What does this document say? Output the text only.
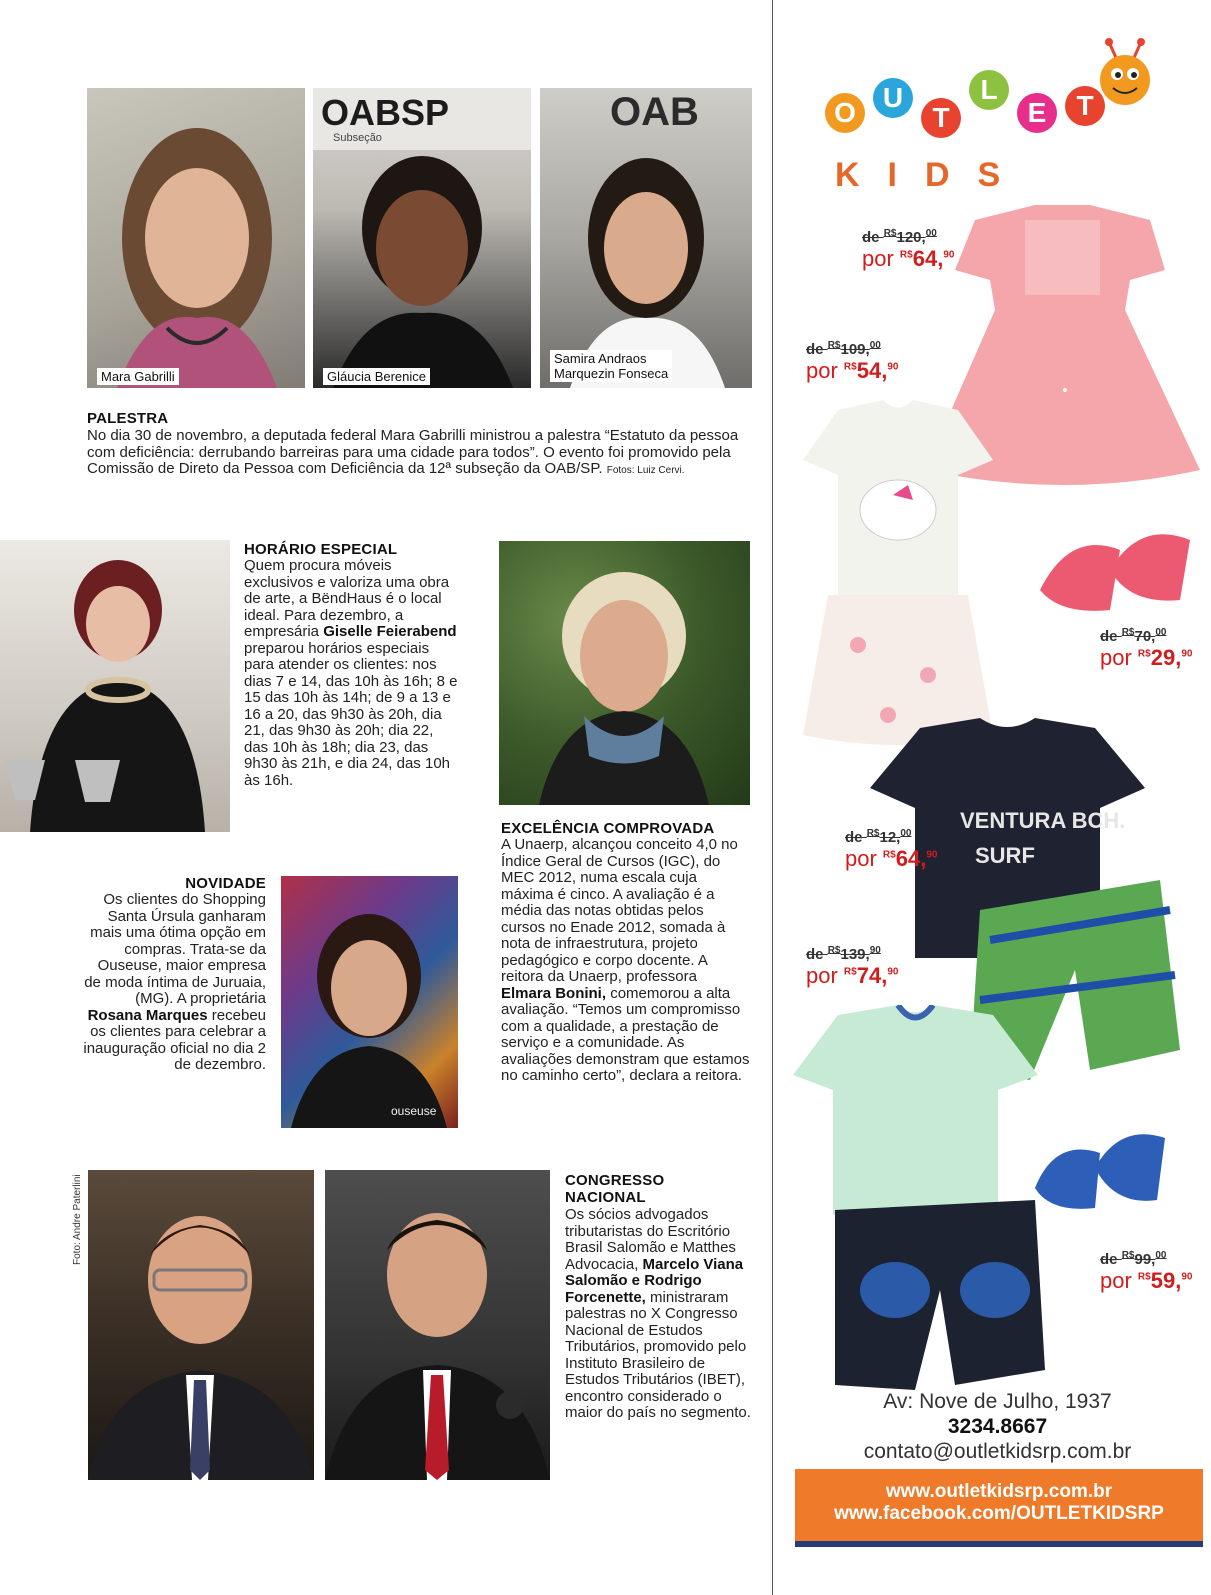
Mara Gabrilli
OABSP
Subseção
Gláucia Berenice
OAB
Samira Andraos
Marquezin Fonseca
PALESTRA
No dia 30 de novembro, a deputada federal Mara Gabrilli ministrou a palestra “Estatuto da pessoa com deficiência: derrubando barreiras para uma cidade para todos”. O evento foi promovido pela Comissão de Direto da Pessoa com Deficiência da 12ª subseção da OAB/SP. Fotos: Luiz Cervi.
HORÁRIO ESPECIAL
Quem procura móveis exclusivos e valoriza uma obra de arte, a BëndHaus é o local ideal. Para dezembro, a empresária Giselle Feierabend preparou horários especiais para atender os clientes: nos dias 7 e 14, das 10h às 16h; 8 e 15 das 10h às 14h; de 9 a 13 e 16 a 20, das 9h30 às 20h, dia 21, das 9h30 às 20h; dia 22, das 10h às 18h; dia 23, das 9h30 às 21h, e dia 24, das 10h às 16h.
EXCELÊNCIA COMPROVADA
A Unaerp, alcançou conceito 4,0 no Índice Geral de Cursos (IGC), do MEC 2012, numa escala cuja máxima é cinco. A avaliação é a média das notas obtidas pelos cursos no Enade 2012, somada à nota de infraestrutura, projeto pedagógico e corpo docente. A reitora da Unaerp, professora Elmara Bonini, comemorou a alta avaliação. “Temos um compromisso com a qualidade, a prestação de serviço e a comunidade. As avaliações demonstram que estamos no caminho certo”, declara a reitora.
NOVIDADE
Os clientes do Shopping Santa Úrsula ganharam mais uma ótima opção em compras. Trata-se da Ouseuse, maior empresa de moda íntima de Juruaia, (MG). A proprietária Rosana Marques recebeu os clientes para celebrar a inauguração oficial no dia 2 de dezembro.
ouseuse
Foto: Andre Paterlini	CONGRESSO
NACIONAL
Os sócios advogados tributaristas do Escritório Brasil Salomão e Matthes Advocacia, Marcelo Viana Salomão e Rodrigo Forcenette, ministraram palestras no X Congresso Nacional de Estudos Tributários, promovido pelo Instituto Brasileiro de Estudos Tributários (IBET), encontro considerado o maior do país no segmento.
O U
T
L
E	T
KIDS
VENTURA BCH.
SURF
de $^{R\$}$120,00
por $^{R\$}$64,90
de $^{R\$}$109,00
por $^{R\$}$54,90
de $^{R\$}$70,00
por $^{R\$}$29,90
de $^{R\$}$12,00
por $^{R\$}$64,90
de $^{R\$}$139,90
por $^{R\$}$74,90
de $^{R\$}$99,00
por $^{R\$}$59,90
Av: Nove de Julho, 1937
3234.8667
contato@outletkidsrp.com.br
www.outletkidsrp.com.br
www.facebook.com/OUTLETKIDSRP
